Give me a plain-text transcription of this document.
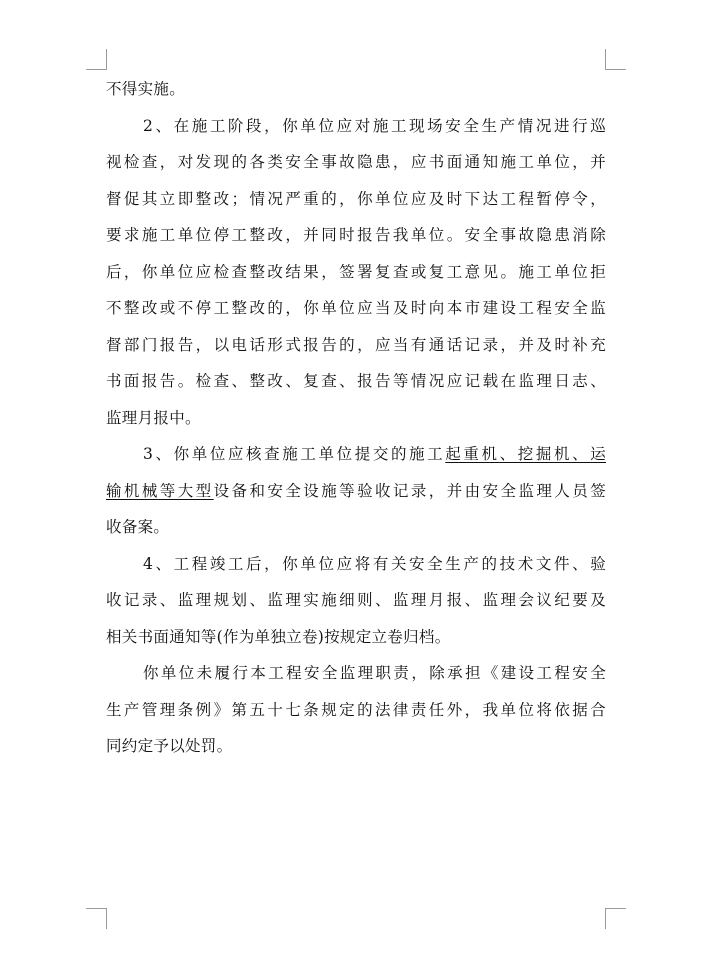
不得实施。
2、在施工阶段，你单位应对施工现场安全生产情况进行巡
视检查，对发现的各类安全事故隐患，应书面通知施工单位，并
督促其立即整改；情况严重的，你单位应及时下达工程暂停令，
要求施工单位停工整改，并同时报告我单位。安全事故隐患消除
后，你单位应检查整改结果，签署复查或复工意见。施工单位拒
不整改或不停工整改的，你单位应当及时向本市建设工程安全监
督部门报告，以电话形式报告的，应当有通话记录，并及时补充
书面报告。检查、整改、复查、报告等情况应记载在监理日志、
监理月报中。
3、你单位应核查施工单位提交的施工起重机、挖掘机、运
输机械等大型设备和安全设施等验收记录，并由安全监理人员签
收备案。
4、工程竣工后，你单位应将有关安全生产的技术文件、验
收记录、监理规划、监理实施细则、监理月报、监理会议纪要及
相关书面通知等(作为单独立卷)按规定立卷归档。
你单位未履行本工程安全监理职责，除承担《建设工程安全
生产管理条例》第五十七条规定的法律责任外，我单位将依据合
同约定予以处罚。
